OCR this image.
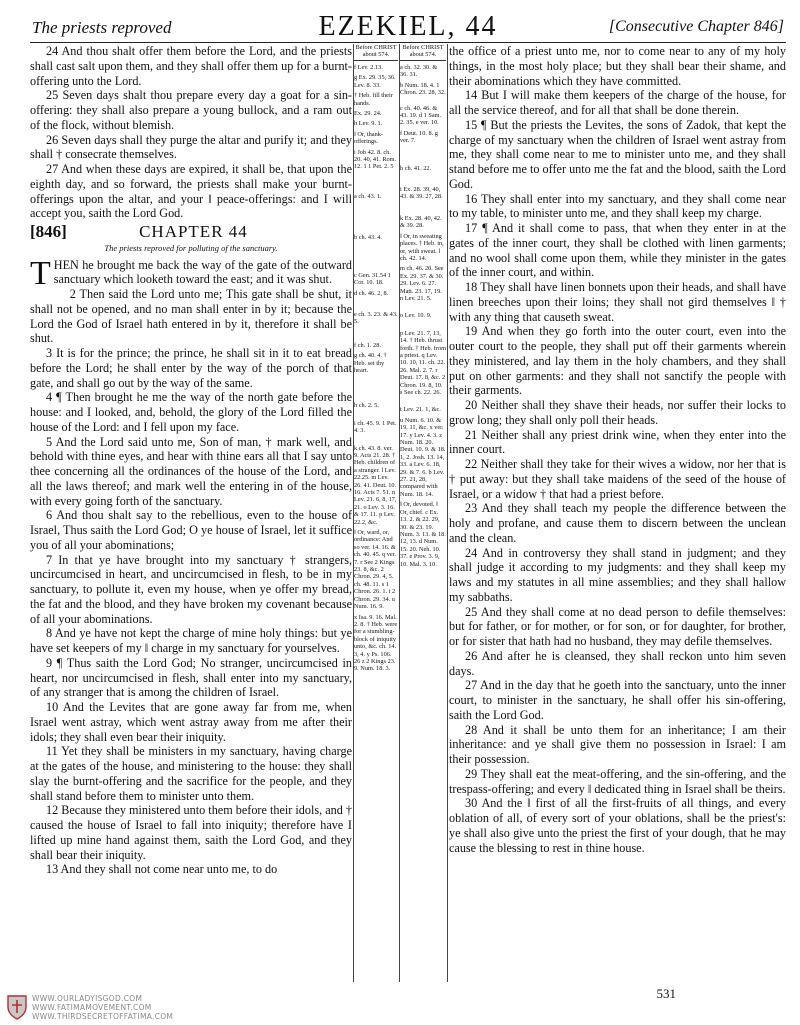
The priests reproved	EZEKIEL, 44	[Consecutive Chapter 846]

24 And thou shalt offer them before the Lord, and the priests shall cast salt upon them, and they shall offer them up for a burnt-offering unto the Lord.

25 Seven days shalt thou prepare every day a goat for a sin-offering: they shall also prepare a young bullock, and a ram out of the flock, without blemish.

26 Seven days shall they purge the altar and purify it; and they shall † consecrate themselves.

27 And when these days are expired, it shall be, that upon the eighth day, and so forward, the priests shall make your burnt-offerings upon the altar, and your ‖ peace-offerings: and I will accept you, saith the Lord God.

[846]	CHAPTER 44
The priests reproved for polluting of the sanctuary.

THEN he brought me back the way of the gate of the outward sanctuary which looketh toward the east; and it was shut.

2 Then said the Lord unto me; This gate shall be shut, it shall not be opened, and no man shall enter in by it; because the Lord the God of Israel hath entered in by it, therefore it shall be shut.

3 It is for the prince; the prince, he shall sit in it to eat bread before the Lord; he shall enter by the way of the porch of that gate, and shall go out by the way of the same.

4 ¶ Then brought he me the way of the north gate before the house: and I looked, and, behold, the glory of the Lord filled the house of the Lord: and I fell upon my face.

5 And the Lord said unto me, Son of man, † mark well, and behold with thine eyes, and hear with thine ears all that I say unto thee concerning all the ordinances of the house of the Lord, and all the laws thereof; and mark well the entering in of the house, with every going forth of the sanctuary.

6 And thou shalt say to the rebellious, even to the house of Israel, Thus saith the Lord God; O ye house of Israel, let it suffice you of all your abominations;

7 In that ye have brought into my sanctuary † strangers, uncircumcised in heart, and uncircumcised in flesh, to be in my sanctuary, to pollute it, even my house, when ye offer my bread, the fat and the blood, and they have broken my covenant because of all your abominations.

8 And ye have not kept the charge of mine holy things: but ye have set keepers of my ‖ charge in my sanctuary for yourselves.

9 ¶ Thus saith the Lord God; No stranger, uncircumcised in heart, nor uncircumcised in flesh, shall enter into my sanctuary, of any stranger that is among the children of Israel.

10 And the Levites that are gone away far from me, when Israel went astray, which went astray away from me after their idols; they shall even bear their iniquity.

11 Yet they shall be ministers in my sanctuary, having charge at the gates of the house, and ministering to the house: they shall slay the burnt-offering and the sacrifice for the people, and they shall stand before them to minister unto them.

12 Because they ministered unto them before their idols, and † caused the house of Israel to fall into iniquity; therefore have I lifted up mine hand against them, saith the Lord God, and they shall bear their iniquity.

13 And they shall not come near unto me, to do

Before CHRIST about 574.
f Lev. 2.13.
g Ex. 29. 35, 36. Lev. 8. 33.
† Heb. fill their hands.
Ex. 29. 24.
h Lev. 9. 1.
‖ Or, thank-offerings.
i Job 42. 8. ch. 20. 40, 41. Rom. 12. 1 1 Pet. 2. 5
a ch. 43. 1.
b ch. 43. 4.
c Gen. 31.54 1 Cor. 10. 18.
d ch. 46. 2, 8.
e ch. 3. 23. & 43. 5.
f ch. 1. 28.
g ch. 40. 4. † Heb. set thy heart.
h ch. 2. 5.
i ch. 45. 9. 1 Pet. 4. 3.
k ch. 43. 8. ver. 9. Acts 21. 28. † Heb. children of a stranger. l Lev. 22.25. m Lev. 26. 41. Deut. 10. 16. Acts 7. 51. n Lev. 21. 6, 8, 17, 21. o Lev. 3. 16. & 17. 11. p Lev. 22.2, &c.
‖ Or, ward, or, ordinance: And so ver. 14. 16. & ch. 40. 45. q ver. 7. r See 2 Kings 23. 8, &c. 2 Chron. 29. 4, 5. ch. 48. 11. s 1 Chron. 26. 1. t 2 Chron. 29. 34. u Num. 16. 9.
x Isa. 9. 16. Mal. 2. 8. † Heb. were for a stumbling-block of iniquity unto, &c. ch. 14. 3, 4. y Ps. 106. 26 z 2 Kings 23. 9. Num. 18. 3.
Before CHRIST about 574.
a ch. 32. 30. & 36. 31.
b Num. 18. 4. 1 Chron. 23. 28, 32.
c ch. 40. 46. & 43. 19. d 1 Sam. 2. 35. e ver. 10.
f Deut. 10. 8. g ver. 7.
h ch. 41. 22.
i Ex. 28. 39, 40, 43. & 39. 27, 28.
k Ex. 28. 40, 42. & 39. 28.
‖ Or, in sweating places. † Heb. in, or, with sweat. l ch. 42. 14.
m ch. 46. 20. See Ex. 29. 37. & 30. 29. Lev. 6. 27. Matt. 23. 17, 19. n Lev. 21. 5.
o Lev. 10. 9.
p Lev. 21. 7, 13, 14. † Heb. thrust forth. † Heb. from a priest. q Lev. 10. 10, 11. ch. 22. 26. Mal. 2. 7. r Deut. 17. 8, &c. 2 Chron. 19. 8, 10. s See ch. 22. 26.
t Lev. 21. 1, &c.
u Num. 6. 10. & 19. 11, &c. x ver. 17. y Lev. 4. 3. z Num. 18. 20. Deut. 10. 9. & 18. 1, 2. Josh. 13. 14, 33. a Lev. 6. 18, 29. & 7. 6. b Lev. 27. 21, 28, compared with Num. 18. 14.
‖ Or, devoted. ‖ Or, chief. c Ex. 13. 2. & 22. 29, 30. & 23. 19. Num. 3. 13. & 18. 12, 13. d Num. 15. 20. Neh. 10. 37. e Prov. 3. 9, 10. Mal. 3. 10.

the office of a priest unto me, nor to come near to any of my holy things, in the most holy place; but they shall bear their shame, and their abominations which they have committed.

14 But I will make them keepers of the charge of the house, for all the service thereof, and for all that shall be done therein.

15 ¶ But the priests the Levites, the sons of Zadok, that kept the charge of my sanctuary when the children of Israel went astray from me, they shall come near to me to minister unto me, and they shall stand before me to offer unto me the fat and the blood, saith the Lord God.

16 They shall enter into my sanctuary, and they shall come near to my table, to minister unto me, and they shall keep my charge.

17 ¶ And it shall come to pass, that when they enter in at the gates of the inner court, they shall be clothed with linen garments; and no wool shall come upon them, while they minister in the gates of the inner court, and within.

18 They shall have linen bonnets upon their heads, and shall have linen breeches upon their loins; they shall not gird themselves ‖ † with any thing that causeth sweat.

19 And when they go forth into the outer court, even into the outer court to the people, they shall put off their garments wherein they ministered, and lay them in the holy chambers, and they shall put on other garments: and they shall not sanctify the people with their garments.

20 Neither shall they shave their heads, nor suffer their locks to grow long; they shall only poll their heads.

21 Neither shall any priest drink wine, when they enter into the inner court.

22 Neither shall they take for their wives a widow, nor her that is † put away: but they shall take maidens of the seed of the house of Israel, or a widow † that had a priest before.

23 And they shall teach my people the difference between the holy and profane, and cause them to discern between the unclean and the clean.

24 And in controversy they shall stand in judgment; and they shall judge it according to my judgments: and they shall keep my laws and my statutes in all mine assemblies; and they shall hallow my sabbaths.

25 And they shall come at no dead person to defile themselves: but for father, or for mother, or for son, or for daughter, for brother, or for sister that hath had no husband, they may defile themselves.

26 And after he is cleansed, they shall reckon unto him seven days.

27 And in the day that he goeth into the sanctuary, unto the inner court, to minister in the sanctuary, he shall offer his sin-offering, saith the Lord God.

28 And it shall be unto them for an inheritance; I am their inheritance: and ye shall give them no possession in Israel: I am their possession.

29 They shall eat the meat-offering, and the sin-offering, and the trespass-offering; and every ‖ dedicated thing in Israel shall be theirs.

30 And the ‖ first of all the first-fruits of all things, and every oblation of all, of every sort of your oblations, shall be the priest's: ye shall also give unto the priest the first of your dough, that he may cause the blessing to rest in thine house.

531
WWW.OURLADYISGOD.COM
WWW.FATIMAMOVEMENT.COM
WWW.THIRDSECRETOFFATIMA.COM
